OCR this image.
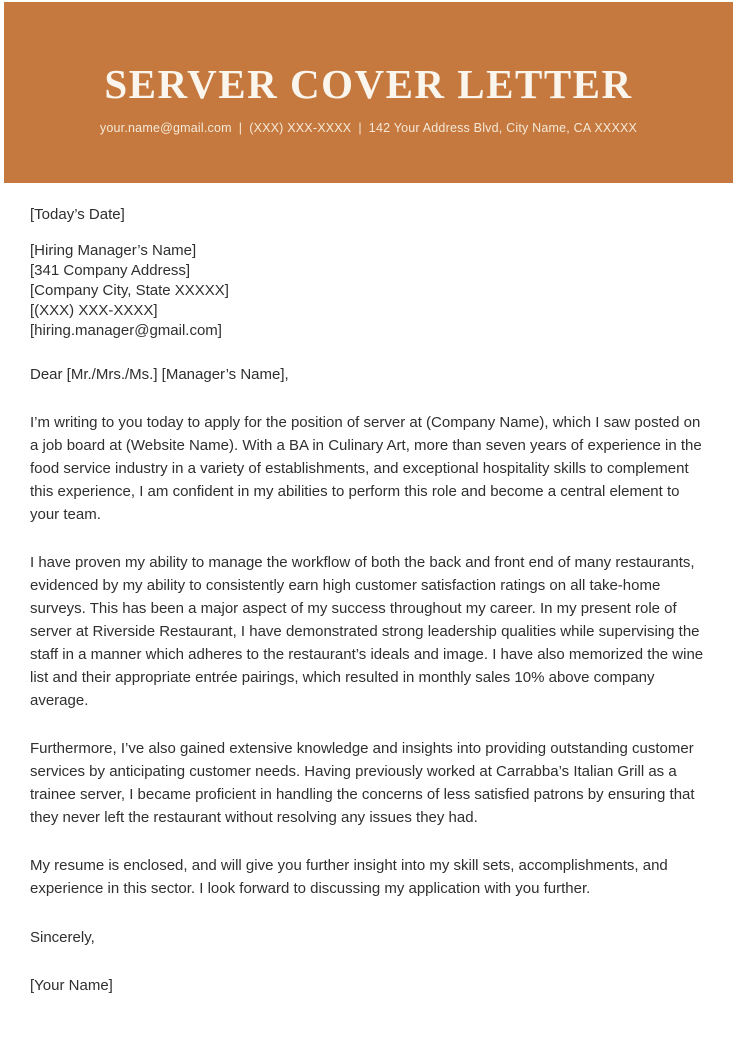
SERVER COVER LETTER
your.name@gmail.com | (XXX) XXX-XXXX | 142 Your Address Blvd, City Name, CA XXXXX
[Today’s Date]
[Hiring Manager’s Name]
[341 Company Address]
[Company City, State XXXXX]
[(XXX) XXX-XXXX]
[hiring.manager@gmail.com]
Dear [Mr./Mrs./Ms.] [Manager’s Name],

I’m writing to you today to apply for the position of server at (Company Name), which I saw posted on a job board at (Website Name). With a BA in Culinary Art, more than seven years of experience in the food service industry in a variety of establishments, and exceptional hospitality skills to complement this experience, I am confident in my abilities to perform this role and become a central element to your team.

I have proven my ability to manage the workflow of both the back and front end of many restaurants, evidenced by my ability to consistently earn high customer satisfaction ratings on all take-home surveys. This has been a major aspect of my success throughout my career. In my present role of server at Riverside Restaurant, I have demonstrated strong leadership qualities while supervising the staff in a manner which adheres to the restaurant’s ideals and image. I have also memorized the wine list and their appropriate entrée pairings, which resulted in monthly sales 10% above company average.

Furthermore, I’ve also gained extensive knowledge and insights into providing outstanding customer services by anticipating customer needs. Having previously worked at Carrabba’s Italian Grill as a trainee server, I became proficient in handling the concerns of less satisfied patrons by ensuring that they never left the restaurant without resolving any issues they had.

My resume is enclosed, and will give you further insight into my skill sets, accomplishments, and experience in this sector. I look forward to discussing my application with you further.

Sincerely,
[Your Name]
